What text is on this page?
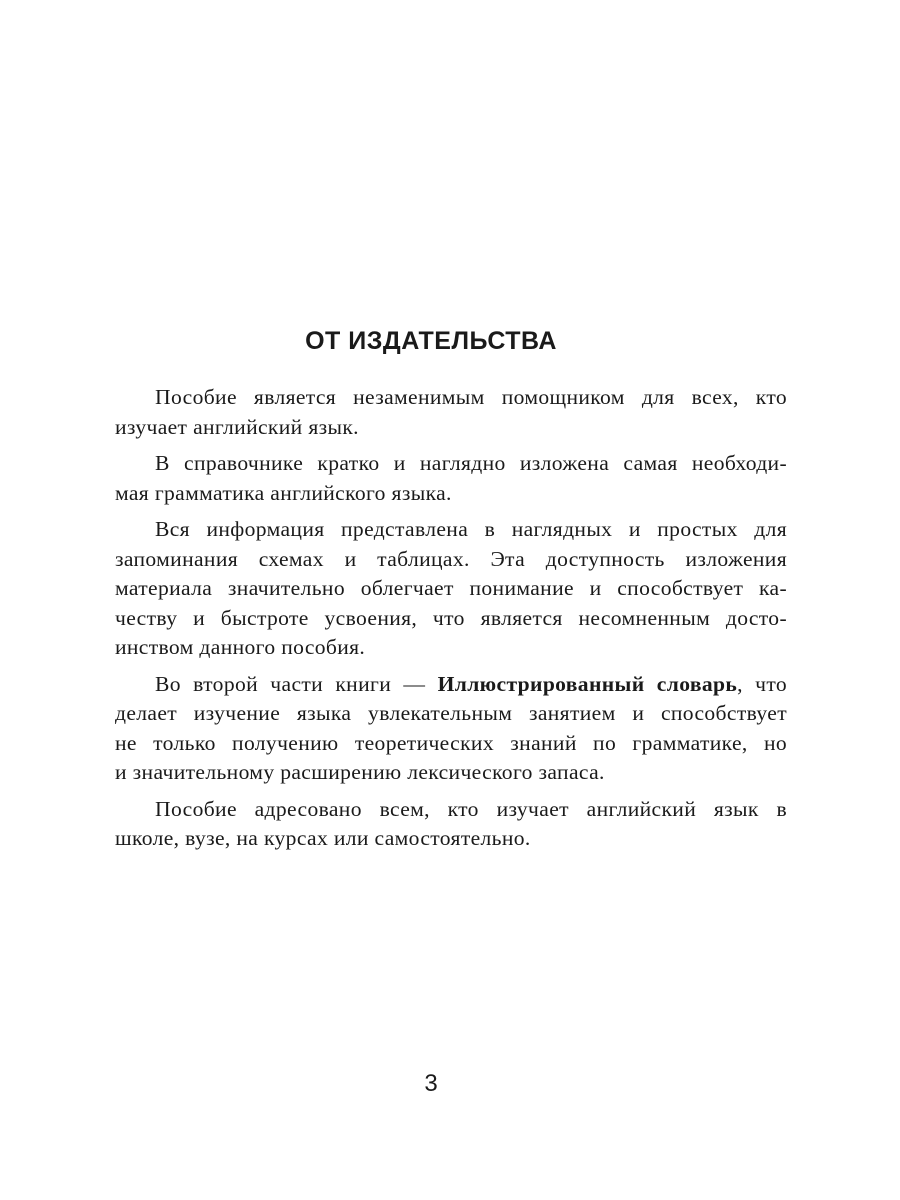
ОТ ИЗДАТЕЛЬСТВА

Пособие является незаменимым помощником для всех, кто
изучает английский язык.

В справочнике кратко и наглядно изложена самая необходи-
мая грамматика английского языка.

Вся информация представлена в наглядных и простых для
запоминания схемах и таблицах. Эта доступность изложения
материала значительно облегчает понимание и способствует ка-
честву и быстроте усвоения, что является несомненным досто-
инством данного пособия.

Во второй части книги — Иллюстрированный словарь, что
делает изучение языка увлекательным занятием и способствует
не только получению теоретических знаний по грамматике, но
и значительному расширению лексического запаса.

Пособие адресовано всем, кто изучает английский язык в
школе, вузе, на курсах или самостоятельно.

3
